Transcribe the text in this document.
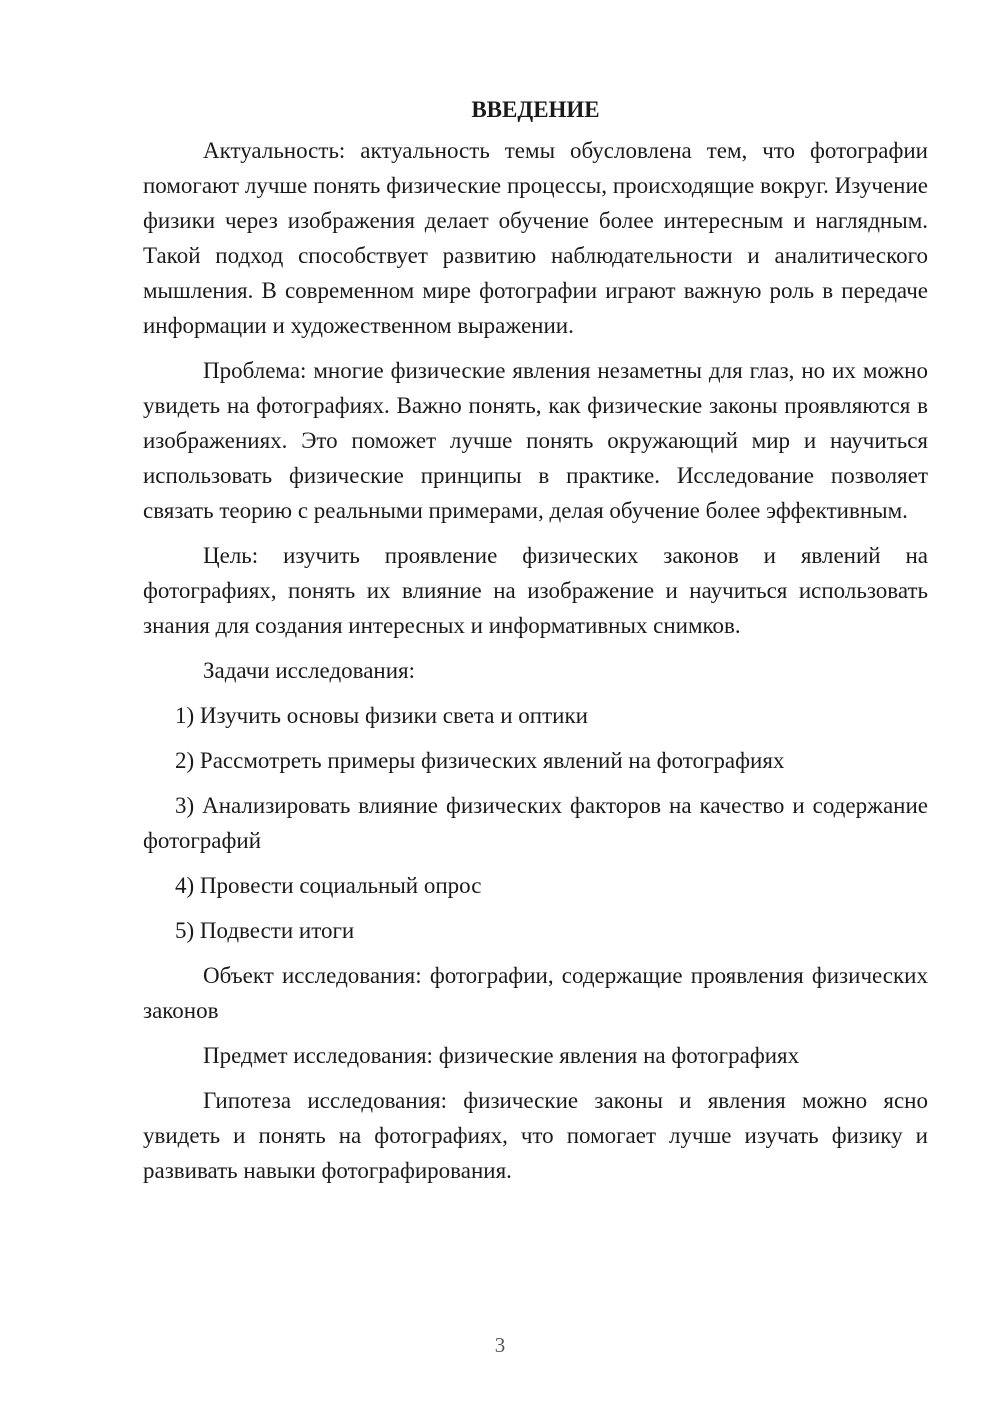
ВВЕДЕНИЕ

Актуальность: актуальность темы обусловлена тем, что фотографии помогают лучше понять физические процессы, происходящие вокруг. Изучение физики через изображения делает обучение более интересным и наглядным. Такой подход способствует развитию наблюдательности и аналитического мышления. В современном мире фотографии играют важную роль в передаче информации и художественном выражении.

Проблема: многие физические явления незаметны для глаз, но их можно увидеть на фотографиях. Важно понять, как физические законы проявляются в изображениях. Это поможет лучше понять окружающий мир и научиться использовать физические принципы в практике. Исследование позволяет связать теорию с реальными примерами, делая обучение более эффективным.

Цель: изучить проявление физических законов и явлений на фотографиях, понять их влияние на изображение и научиться использовать знания для создания интересных и информативных снимков.

Задачи исследования:

1) Изучить основы физики света и оптики

2) Рассмотреть примеры физических явлений на фотографиях

3) Анализировать влияние физических факторов на качество и содержание фотографий

4) Провести социальный опрос

5) Подвести итоги

Объект исследования: фотографии, содержащие проявления физических законов

Предмет исследования: физические явления на фотографиях

Гипотеза исследования: физические законы и явления можно ясно увидеть и понять на фотографиях, что помогает лучше изучать физику и развивать навыки фотографирования.

3
